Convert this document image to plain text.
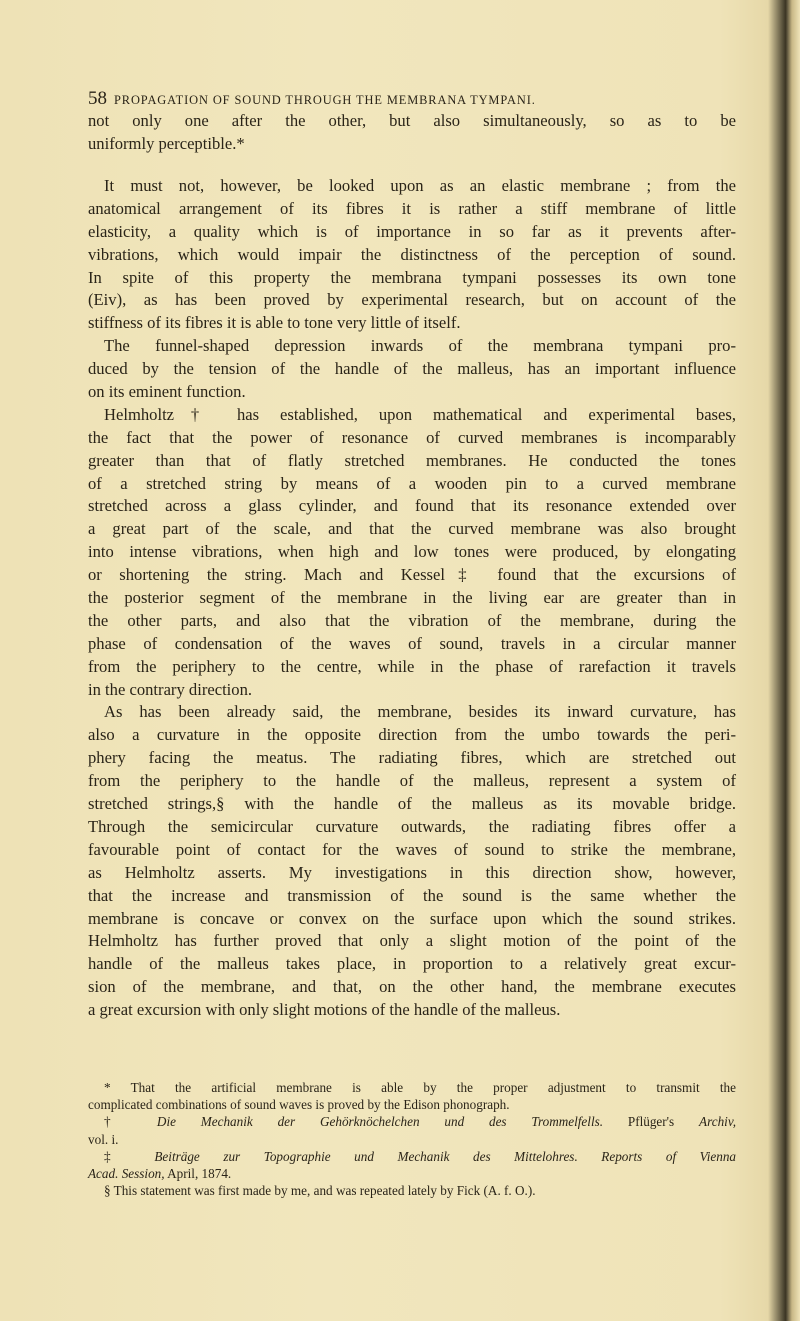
58 PROPAGATION OF SOUND THROUGH THE MEMBRANA TYMPANI.
not only one after the other, but also simultaneously, so as to be
uniformly perceptible.*
It must not, however, be looked upon as an elastic membrane ; from the
anatomical arrangement of its fibres it is rather a stiff membrane of little
elasticity, a quality which is of importance in so far as it prevents after-
vibrations, which would impair the distinctness of the perception of sound.
In spite of this property the membrana tympani possesses its own tone
(Eiv), as has been proved by experimental research, but on account of the
stiffness of its fibres it is able to tone very little of itself.
The funnel-shaped depression inwards of the membrana tympani pro-
duced by the tension of the handle of the malleus, has an important influence
on its eminent function.
Helmholtz† has established, upon mathematical and experimental bases,
the fact that the power of resonance of curved membranes is incomparably
greater than that of flatly stretched membranes. He conducted the tones
of a stretched string by means of a wooden pin to a curved membrane
stretched across a glass cylinder, and found that its resonance extended over
a great part of the scale, and that the curved membrane was also brought
into intense vibrations, when high and low tones were produced, by elongating
or shortening the string. Mach and Kessel‡ found that the excursions of
the posterior segment of the membrane in the living ear are greater than in
the other parts, and also that the vibration of the membrane, during the
phase of condensation of the waves of sound, travels in a circular manner
from the periphery to the centre, while in the phase of rarefaction it travels
in the contrary direction.
As has been already said, the membrane, besides its inward curvature, has
also a curvature in the opposite direction from the umbo towards the peri-
phery facing the meatus. The radiating fibres, which are stretched out
from the periphery to the handle of the malleus, represent a system of
stretched strings,§ with the handle of the malleus as its movable bridge.
Through the semicircular curvature outwards, the radiating fibres offer a
favourable point of contact for the waves of sound to strike the membrane,
as Helmholtz asserts. My investigations in this direction show, however,
that the increase and transmission of the sound is the same whether the
membrane is concave or convex on the surface upon which the sound strikes.
Helmholtz has further proved that only a slight motion of the point of the
handle of the malleus takes place, in proportion to a relatively great excur-
sion of the membrane, and that, on the other hand, the membrane executes
a great excursion with only slight motions of the handle of the malleus.
* That the artificial membrane is able by the proper adjustment to transmit the
complicated combinations of sound waves is proved by the Edison phonograph.
† Die Mechanik der Gehörknöchelchen und des Trommelfells. Pflüger's Archiv,
vol. i.
‡ Beiträge zur Topographie und Mechanik des Mittelohres. Reports of Vienna
Acad. Session, April, 1874.
§ This statement was first made by me, and was repeated lately by Fick (A. f. O.).
